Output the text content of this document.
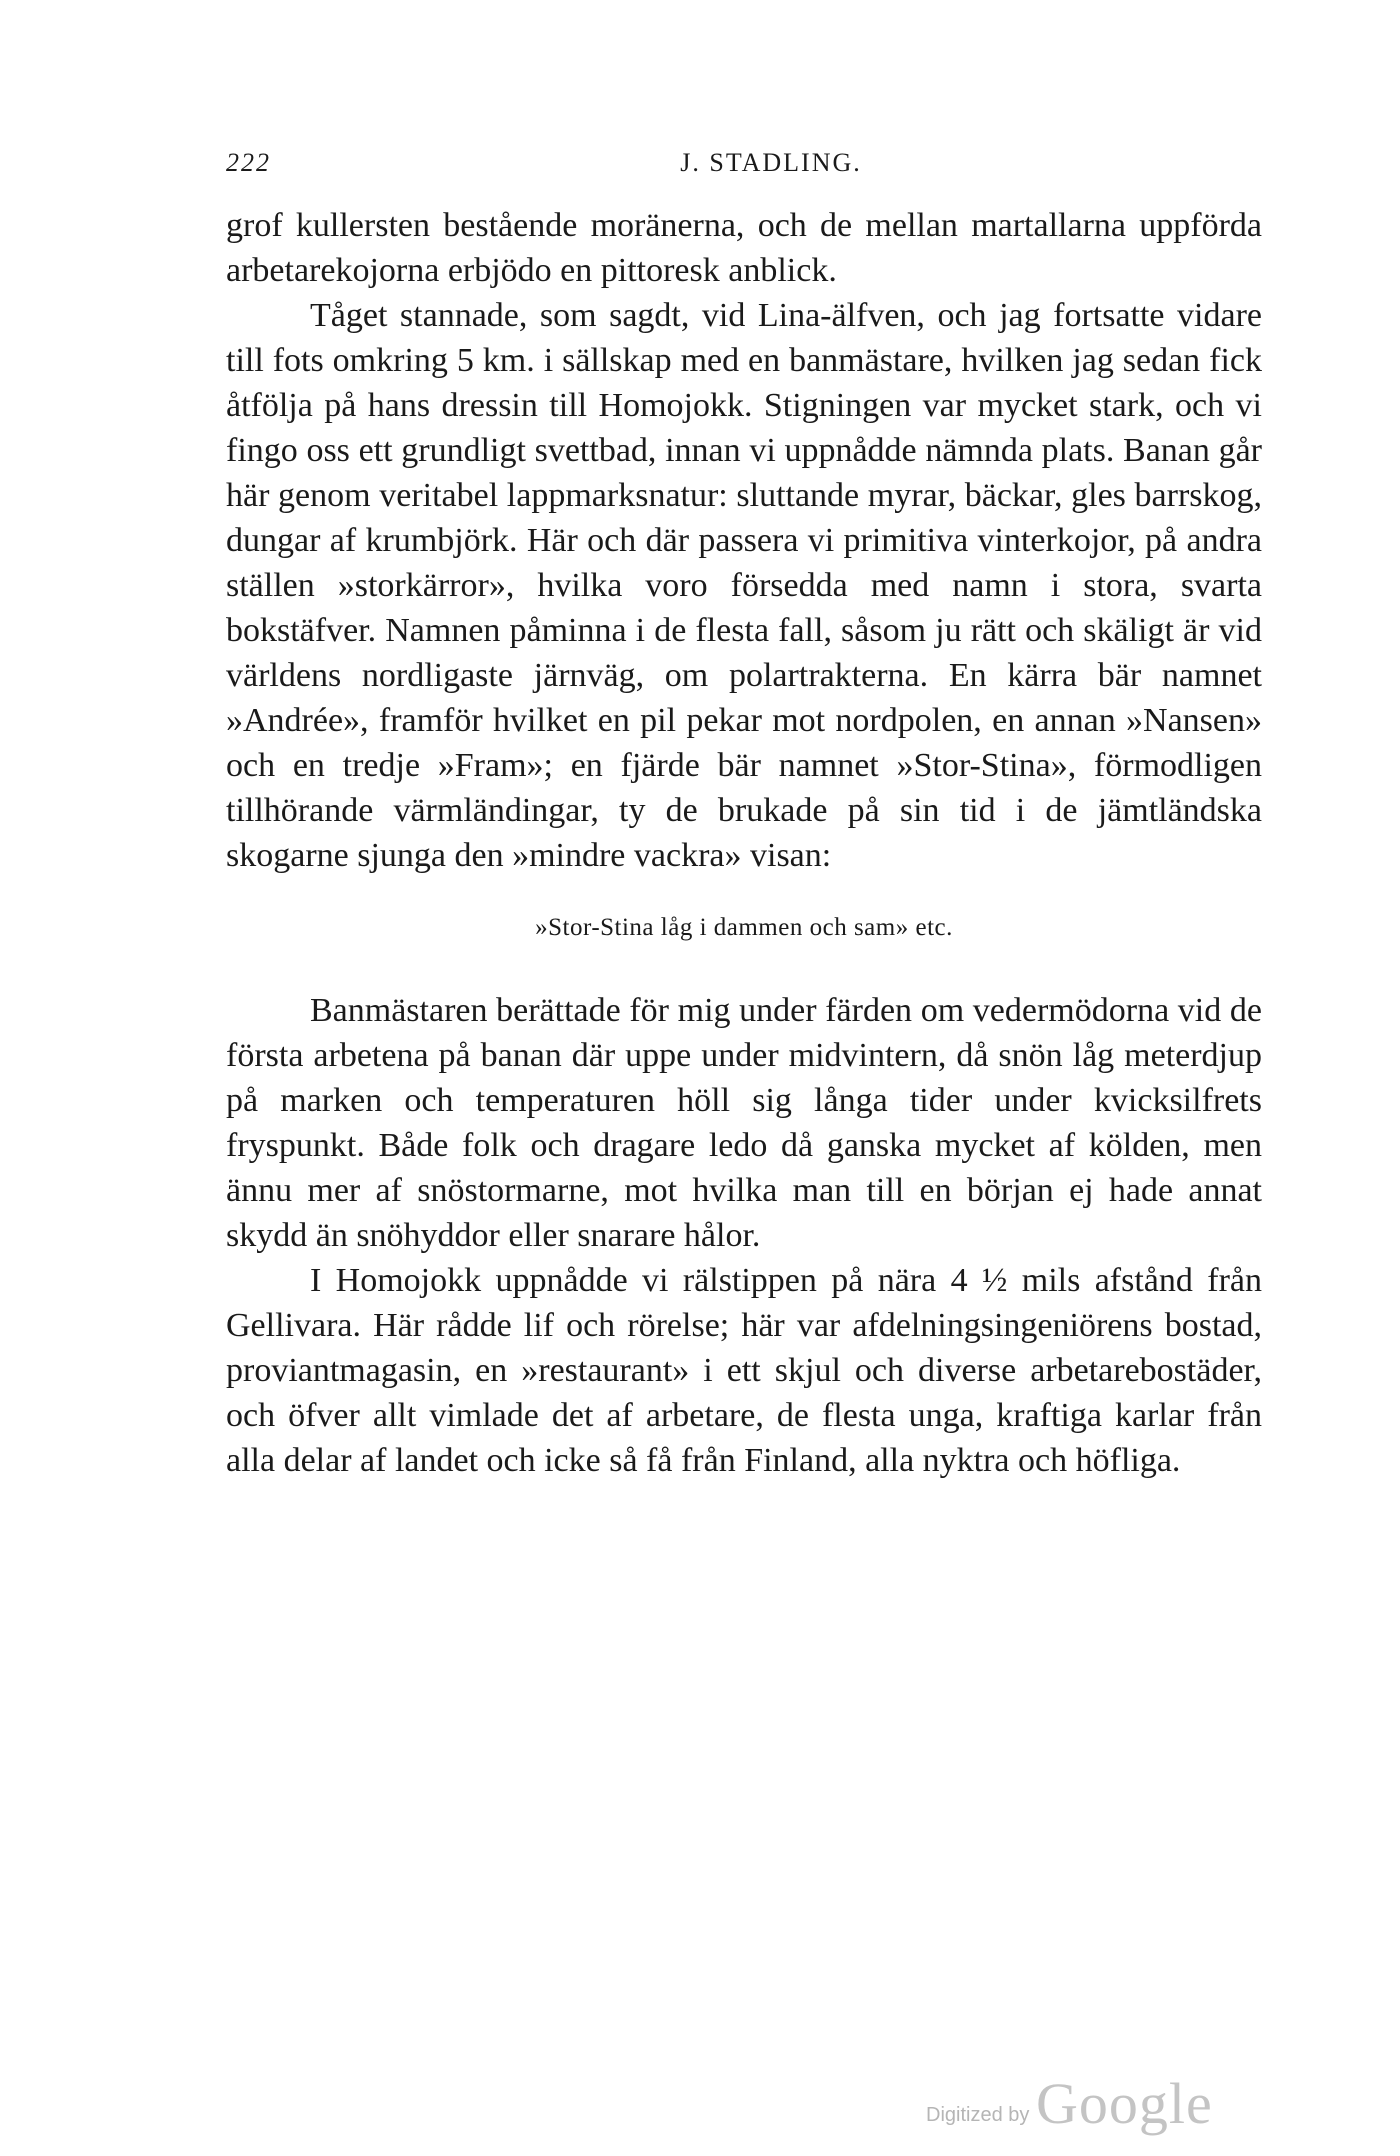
222	J. STADLING.

grof kullersten bestående moränerna, och de mellan martallarna uppförda arbetarekojorna erbjödo en pittoresk anblick.

Tåget stannade, som sagdt, vid Lina-älfven, och jag fortsatte vidare till fots omkring 5 km. i sällskap med en banmästare, hvilken jag sedan fick åtfölja på hans dressin till Homojokk. Stigningen var mycket stark, och vi fingo oss ett grundligt svettbad, innan vi uppnådde nämnda plats. Banan går här genom veritabel lappmarksnatur: sluttande myrar, bäckar, gles barrskog, dungar af krumbjörk. Här och där passera vi primitiva vinterkojor, på andra ställen »storkärror», hvilka voro försedda med namn i stora, svarta bokstäfver. Namnen påminna i de flesta fall, såsom ju rätt och skäligt är vid världens nordligaste järnväg, om polartrakterna. En kärra bär namnet »Andrée», framför hvilket en pil pekar mot nordpolen, en annan »Nansen» och en tredje »Fram»; en fjärde bär namnet »Stor-Stina», förmodligen tillhörande värmländingar, ty de brukade på sin tid i de jämtländska skogarne sjunga den »mindre vackra» visan:

»Stor-Stina låg i dammen och sam» etc.

Banmästaren berättade för mig under färden om vedermödorna vid de första arbetena på banan där uppe under midvintern, då snön låg meterdjup på marken och temperaturen höll sig långa tider under kvicksilfrets fryspunkt. Både folk och dragare ledo då ganska mycket af kölden, men ännu mer af snöstormarne, mot hvilka man till en början ej hade annat skydd än snöhyddor eller snarare hålor.

I Homojokk uppnådde vi rälstippen på nära 4 ½ mils afstånd från Gellivara. Här rådde lif och rörelse; här var afdelningsingeniörens bostad, proviantmagasin, en »restaurant» i ett skjul och diverse arbetarebostäder, och öfver allt vimlade det af arbetare, de flesta unga, kraftiga karlar från alla delar af landet och icke så få från Finland, alla nyktra och höfliga.

Digitized by Google
